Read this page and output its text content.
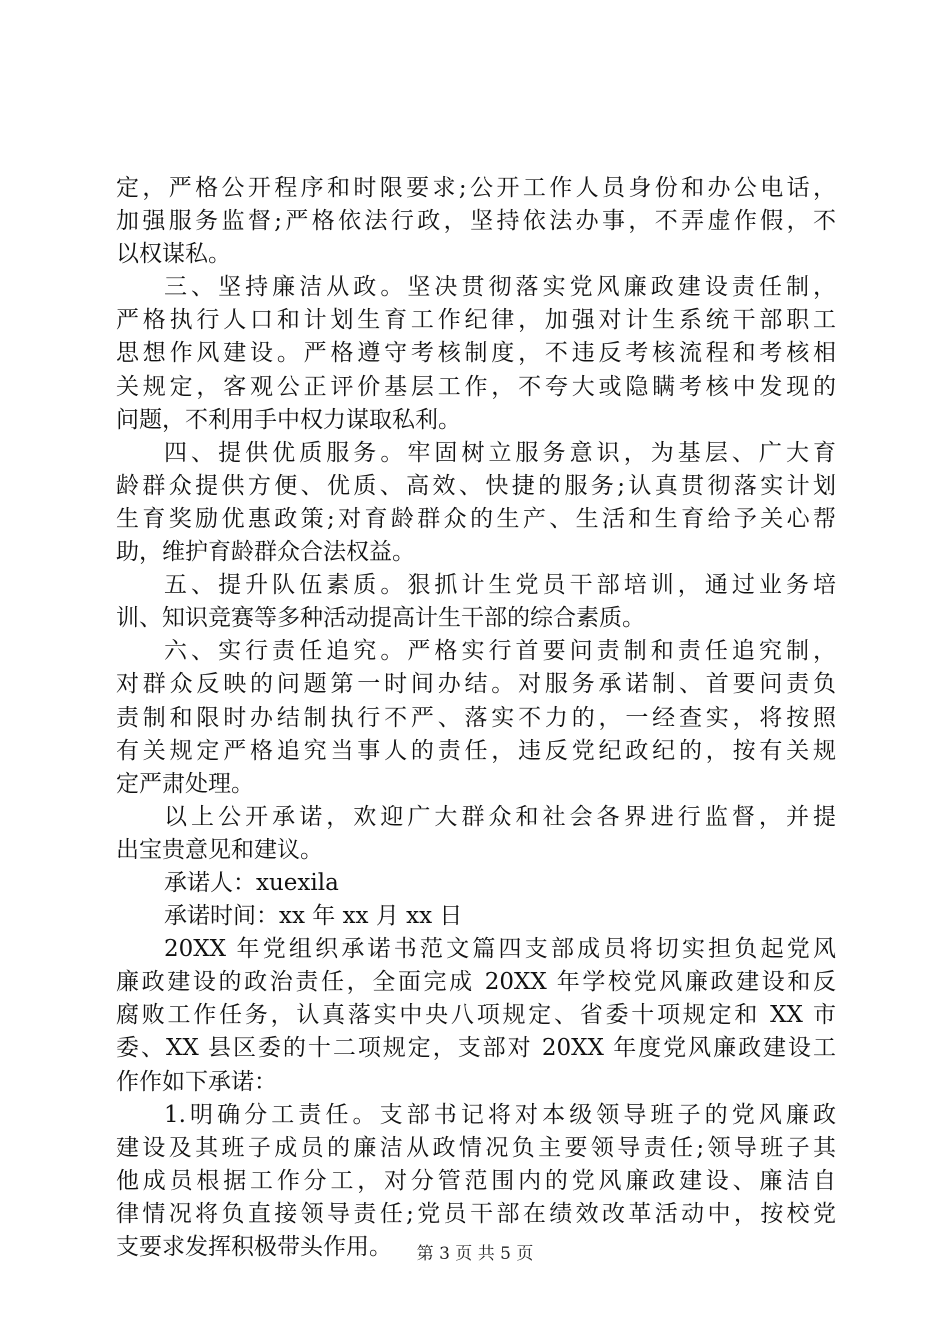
定，严格公开程序和时限要求;公开工作人员身份和办公电话，
加强服务监督;严格依法行政，坚持依法办事，不弄虚作假，不
以权谋私。
三、坚持廉洁从政。坚决贯彻落实党风廉政建设责任制，
严格执行人口和计划生育工作纪律，加强对计生系统干部职工
思想作风建设。严格遵守考核制度，不违反考核流程和考核相
关规定，客观公正评价基层工作，不夸大或隐瞒考核中发现的
问题，不利用手中权力谋取私利。
四、提供优质服务。牢固树立服务意识，为基层、广大育
龄群众提供方便、优质、高效、快捷的服务;认真贯彻落实计划
生育奖励优惠政策;对育龄群众的生产、生活和生育给予关心帮
助，维护育龄群众合法权益。
五、提升队伍素质。狠抓计生党员干部培训，通过业务培
训、知识竞赛等多种活动提高计生干部的综合素质。
六、实行责任追究。严格实行首要问责制和责任追究制，
对群众反映的问题第一时间办结。对服务承诺制、首要问责负
责制和限时办结制执行不严、落实不力的，一经查实，将按照
有关规定严格追究当事人的责任，违反党纪政纪的，按有关规
定严肃处理。
以上公开承诺，欢迎广大群众和社会各界进行监督，并提
出宝贵意见和建议。
承诺人：xuexila
承诺时间：xx 年 xx 月 xx 日
20XX 年党组织承诺书范文篇四支部成员将切实担负起党风
廉政建设的政治责任，全面完成 20XX 年学校党风廉政建设和反
腐败工作任务，认真落实中央八项规定、省委十项规定和 XX 市
委、XX 县区委的十二项规定，支部对 20XX 年度党风廉政建设工
作作如下承诺：
1.明确分工责任。支部书记将对本级领导班子的党风廉政
建设及其班子成员的廉洁从政情况负主要领导责任;领导班子其
他成员根据工作分工，对分管范围内的党风廉政建设、廉洁自
律情况将负直接领导责任;党员干部在绩效改革活动中，按校党
支要求发挥积极带头作用。	第 3 页 共 5 页
